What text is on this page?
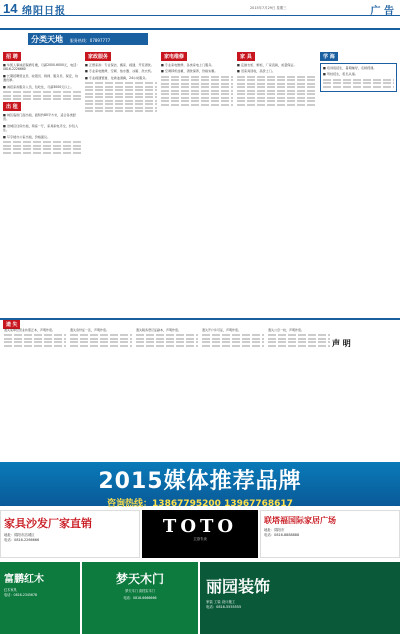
14 绵阳日报	2015年7月29日 星期三	广 告
分类天地 服务热线：07897777
招 聘
■ 华凯人事诚招保姆月嫂，月薪2000-6000元，电话：0816-2226660
■ 长期招聘营业员、收银员、厨师、服务员、保安，待遇优厚。
■ 诚招家政服务人员，包吃住，月薪3000元以上。
出 租
■ 城区临街门面出租，面积约80平方米，适合各类经营。
■ 涪城区住房出租，两室一厅，家具家电齐全，拎包入住。
■ 写字楼办公室出租，价格面议。
家政服务
■ 正德家政：专业保洁、搬家、疏通、开荒清洗。
■ 专业家电维修，空调、热水器、冰箱、洗衣机。
■ 专业疏通管道、化粪池清掏，24小时服务。
家电维修
■ 专业家电维修，各类家电上门服务。
■ 空调移机加氟、清洗保养，价格实惠。
家 具
■ 定做衣柜、橱柜，厂家直销，质量保证。
■ 旧家具回收，高价上门。
学 海
■ 培训班招生，暑期辅导，名师授课。
■ 驾校招生，报名从速。
遗 失
遗失某单位营业执照正本，声明作废。	遗失身份证一张，声明作废。	遗失税务登记证副本，声明作废。	遗失开户许可证，声明作废。	遗失公章一枚，声明作废。
声 明
2015媒体推荐品牌
咨询热线：13867795200 13967768617
家具沙发厂家直销
地址：绵阳市涪城区
电话：0816-2266666
TOTO
卫浴专卖
联塔福国际家居广场
地址：绵阳市
电话：0816-8888888
富鹏红木
红木家具
电话：0816-2345678
梦天木门
梦天木门 高档实木门
电话：0816-6666666
丽园装饰
家装 工装 设计施工
电话：0816-5555555
